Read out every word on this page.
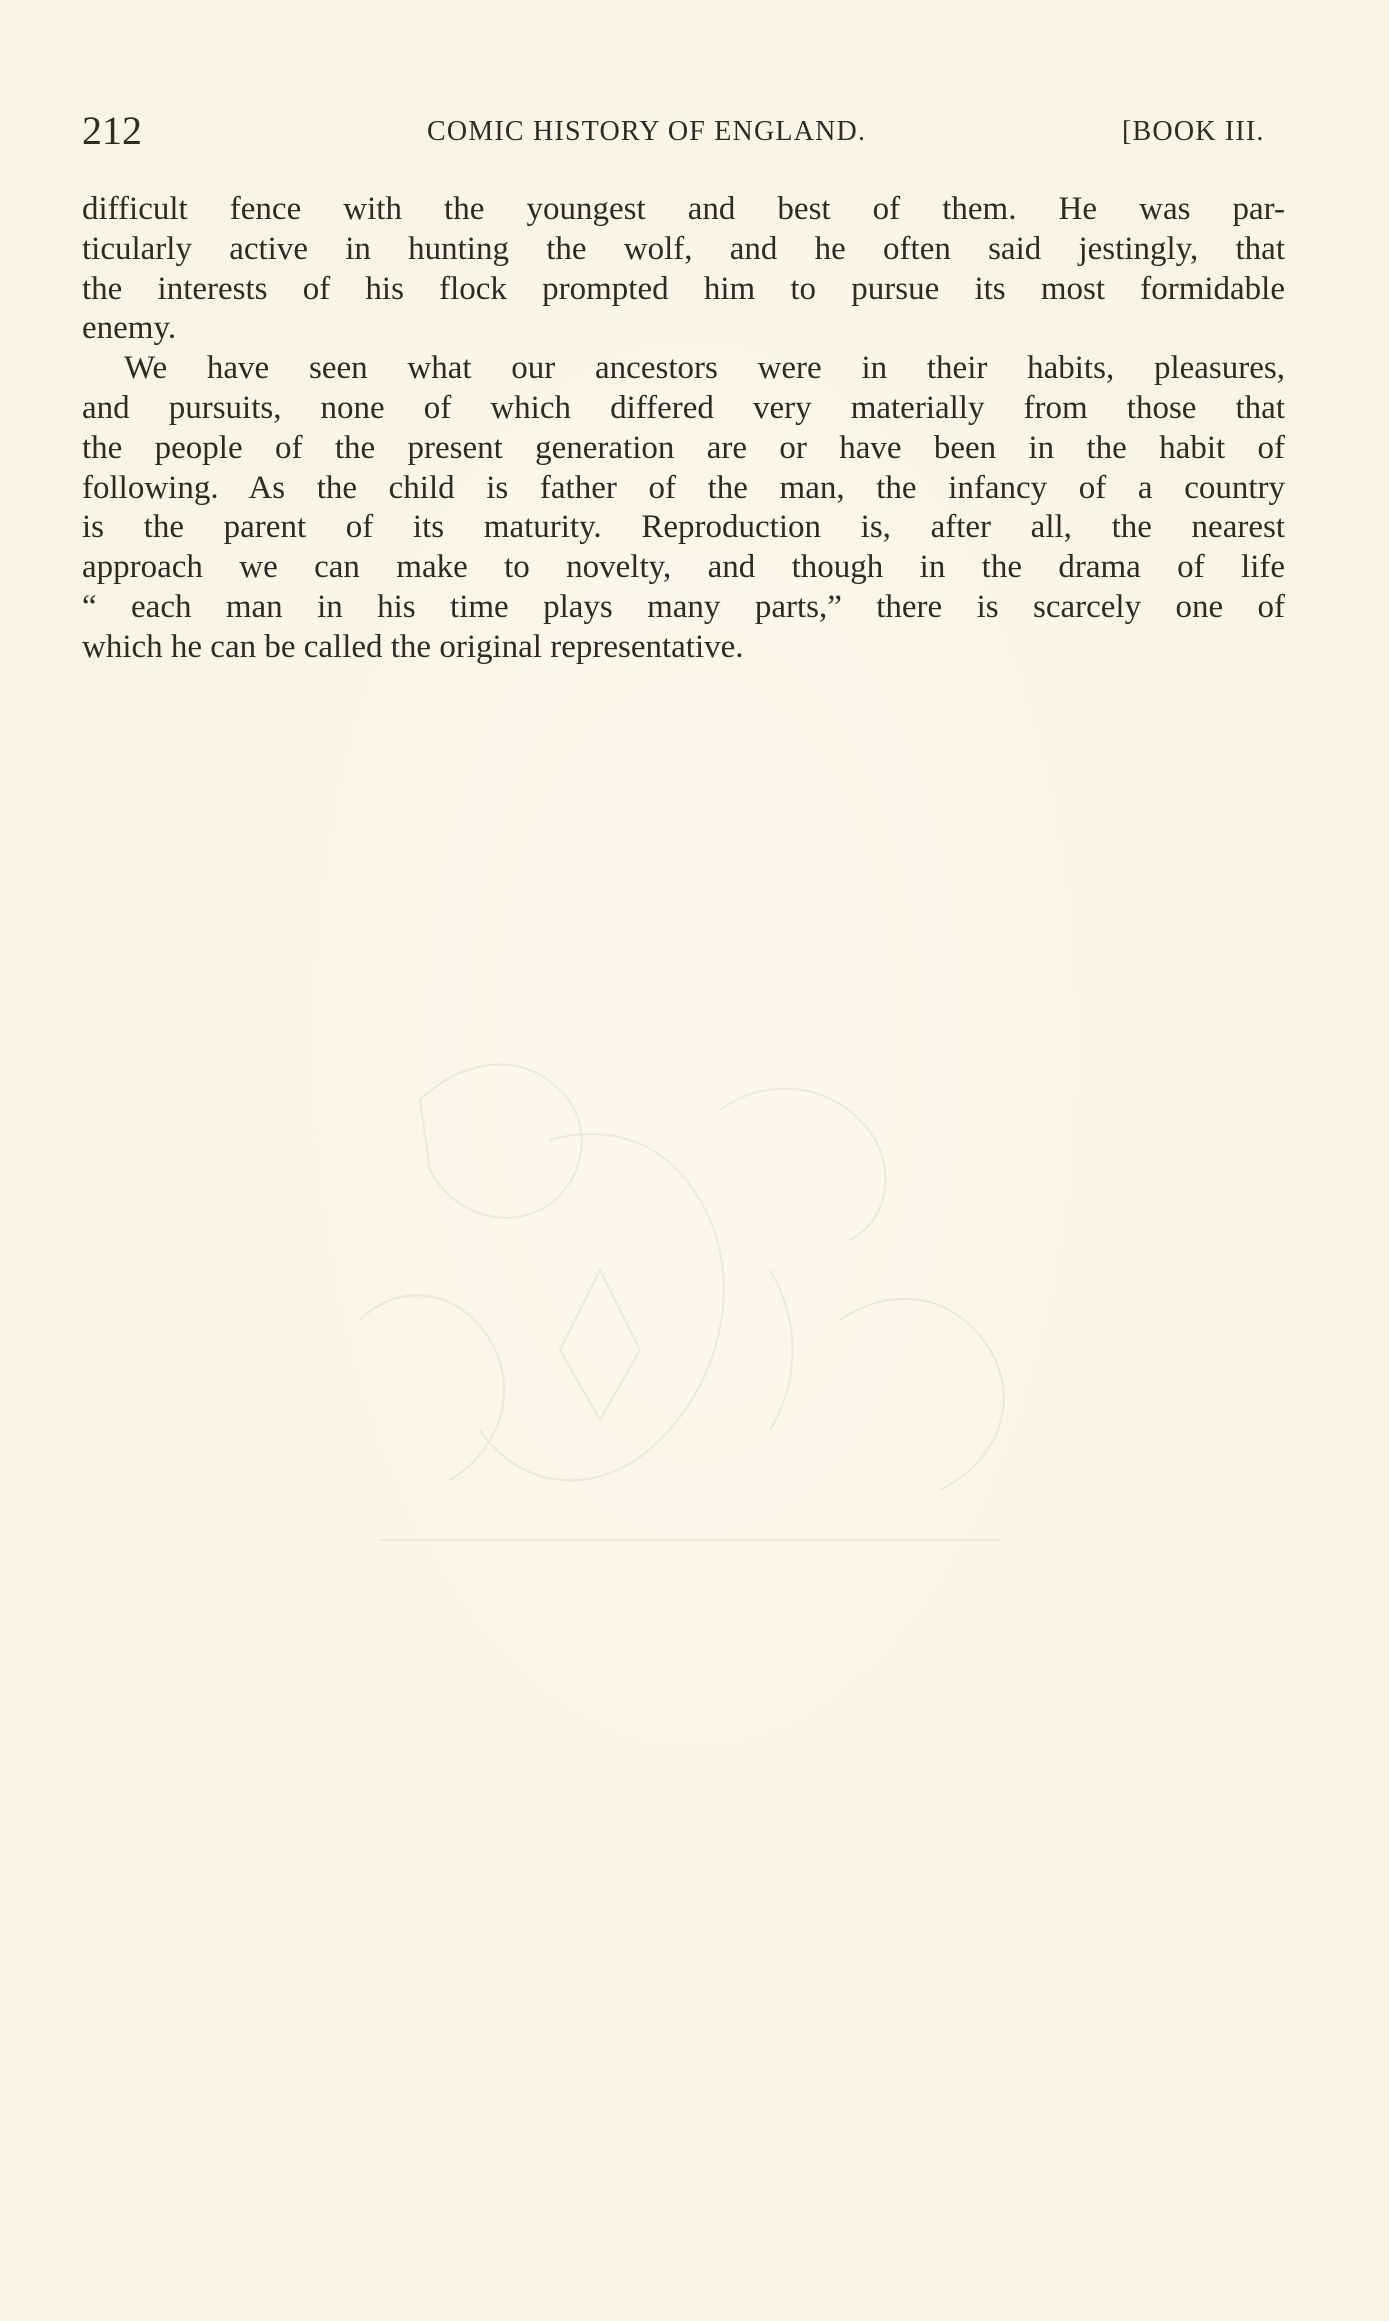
212	COMIC HISTORY OF ENGLAND.	[BOOK III.
difficult fence with the youngest and best of them. He was par-
ticularly active in hunting the wolf, and he often said jestingly, that
the interests of his flock prompted him to pursue its most formidable
enemy.
We have seen what our ancestors were in their habits, pleasures,
and pursuits, none of which differed very materially from those that
the people of the present generation are or have been in the habit of
following. As the child is father of the man, the infancy of a country
is the parent of its maturity. Reproduction is, after all, the nearest
approach we can make to novelty, and though in the drama of life
“ each man in his time plays many parts,” there is scarcely one of
which he can be called the original representative.
